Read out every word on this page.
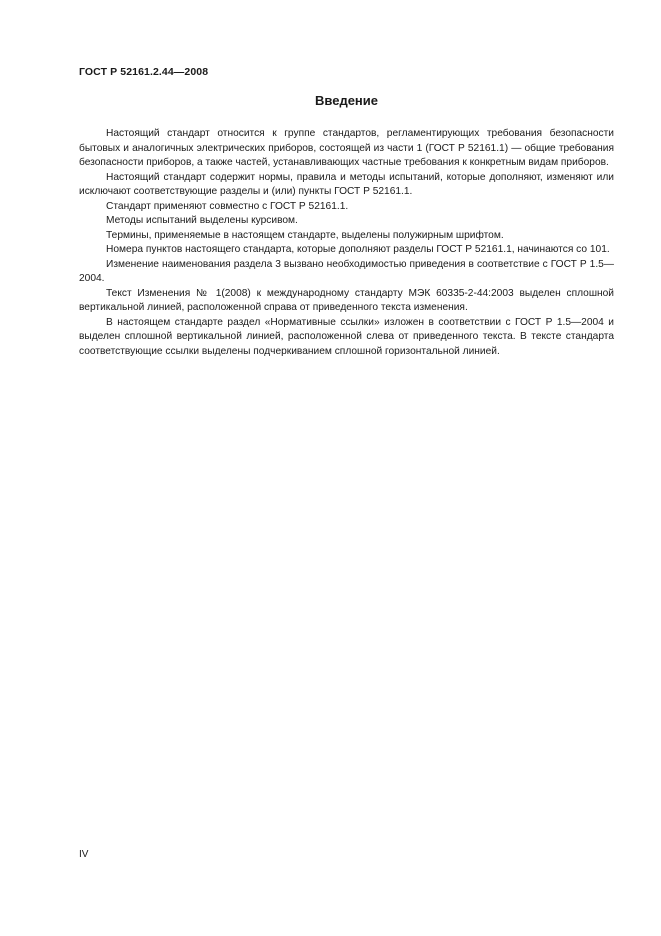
ГОСТ Р 52161.2.44—2008
Введение

Настоящий стандарт относится к группе стандартов, регламентирующих требования безопасности бытовых и аналогичных электрических приборов, состоящей из части 1 (ГОСТ Р 52161.1) — общие требования безопасности приборов, а также частей, устанавливающих частные требования к конкретным видам приборов.

Настоящий стандарт содержит нормы, правила и методы испытаний, которые дополняют, изменяют или исключают соответствующие разделы и (или) пункты ГОСТ Р 52161.1.

Стандарт применяют совместно с ГОСТ Р 52161.1.

Методы испытаний выделены курсивом.

Термины, применяемые в настоящем стандарте, выделены полужирным шрифтом.

Номера пунктов настоящего стандарта, которые дополняют разделы ГОСТ Р 52161.1, начинаются со 101.

Изменение наименования раздела 3 вызвано необходимостью приведения в соответствие с ГОСТ Р 1.5—2004.

Текст Изменения № 1(2008) к международному стандарту МЭК 60335-2-44:2003 выделен сплошной вертикальной линией, расположенной справа от приведенного текста изменения.

В настоящем стандарте раздел «Нормативные ссылки» изложен в соответствии с ГОСТ Р 1.5—2004 и выделен сплошной вертикальной линией, расположенной слева от приведенного текста. В тексте стандарта соответствующие ссылки выделены подчеркиванием сплошной горизонтальной линией.

IV
